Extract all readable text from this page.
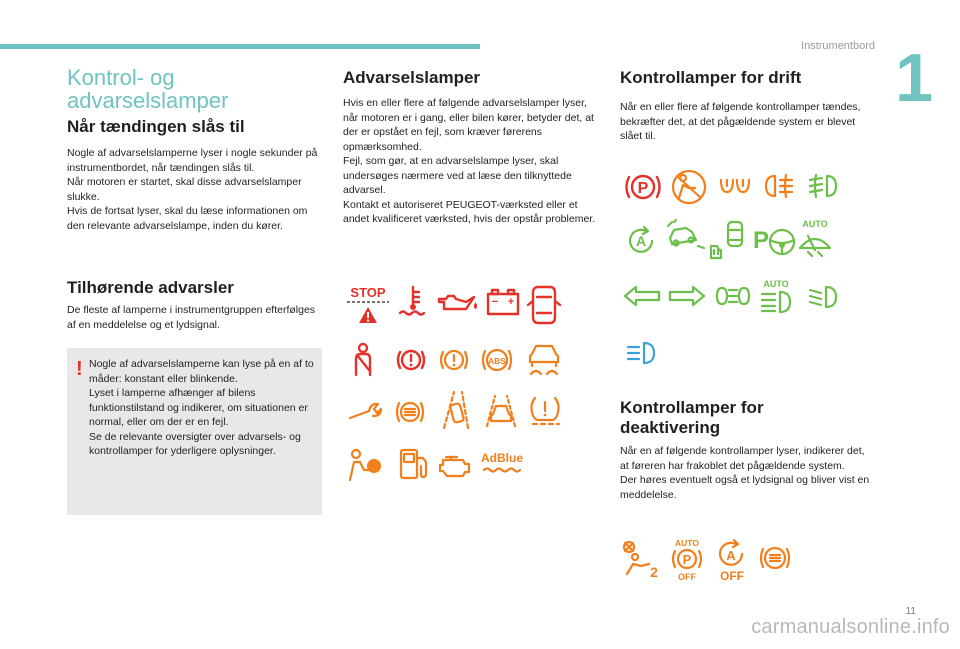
Instrumentbord 1
Kontrol- og
advarselslamper
Når tændingen slås til

Nogle af advarselslamperne lyser i nogle sekunder på instrumentbordet, når tændingen slås til.
Når motoren er startet, skal disse advarselslamper slukke.
Hvis de fortsat lyser, skal du læse informationen om den relevante advarselslampe, inden du kører.

Tilhørende advarsler

De fleste af lamperne i instrumentgruppen efterfølges af en meddelelse og et lydsignal.

! Nogle af advarselslamperne kan lyse på en af to måder: konstant eller blinkende.
Lyset i lamperne afhænger af bilens funktionstilstand og indikerer, om situationen er normal, eller om der er en fejl.
Se de relevante oversigter over advarsels- og kontrollamper for yderligere oplysninger.
Advarselslamper

Hvis en eller flere af følgende advarselslamper lyser, når motoren er i gang, eller bilen kører, betyder det, at der er opstået en fejl, som kræver førerens opmærksomhed.
Fejl, som gør, at en advarselslampe lyser, skal undersøges nærmere ved at læse den tilknyttede advarsel.
Kontakt et autoriseret PEUGEOT-værksted eller et andet kvalificeret værksted, hvis der opstår problemer.

STOP
− +
ABS
AdBlue
Kontrollamper for drift

Når en eller flere af følgende kontrollamper tændes, bekræfter det, at det pågældende system er blevet slået til.

P
A	P
AUTO
AUTO
Kontrollamper for
deaktivering

Når en af følgende kontrollamper lyser, indikerer det, at føreren har frakoblet det pågældende system.
Der høres eventuelt også et lydsignal og bliver vist en meddelelse.

2
AUTO
P
OFF
A
OFF
11
carmanualsonline.info
